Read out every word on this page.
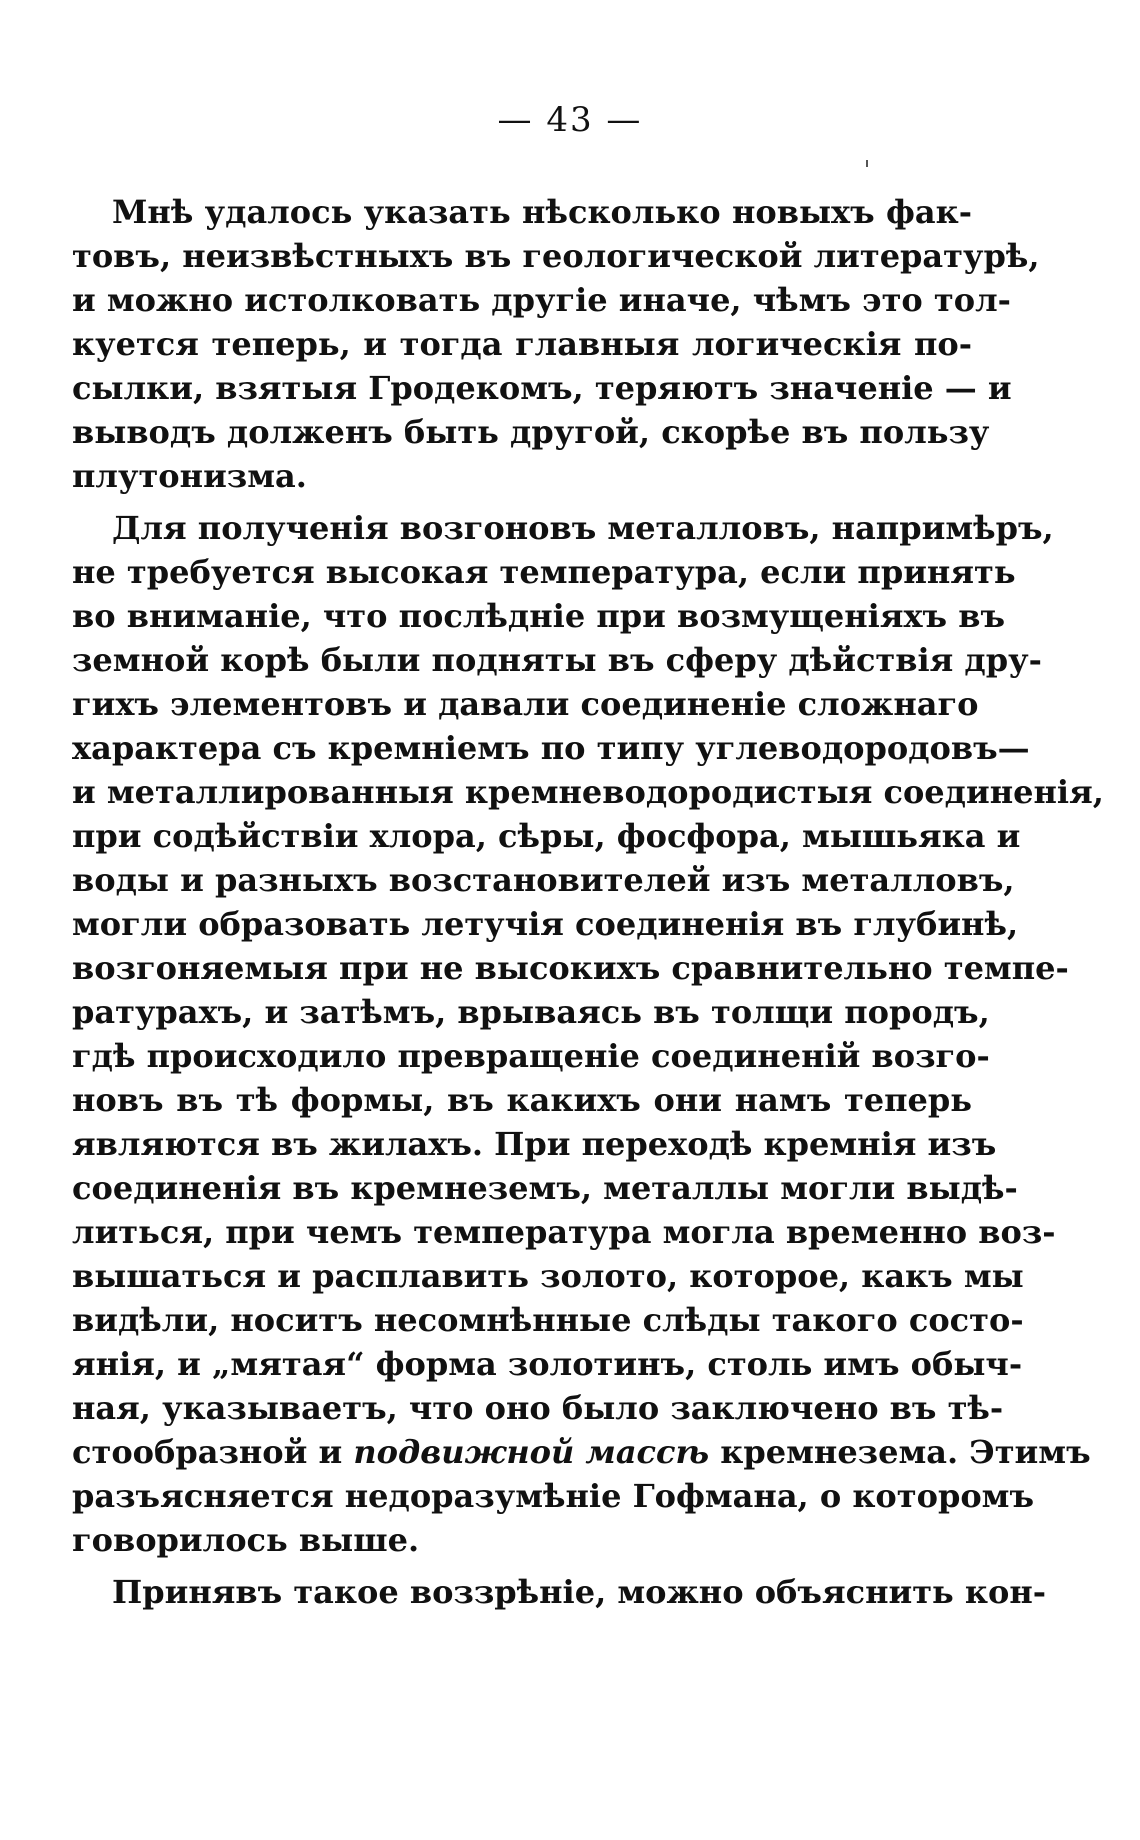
— 43 —
Мнѣ удалось указать нѣсколько новыхъ фак-
товъ, неизвѣстныхъ въ геологической литературѣ,
и можно истолковать другіе иначе, чѣмъ это тол-
куется теперь, и тогда главныя логическія по-
сылки, взятыя Гродекомъ, теряютъ значеніе — и
выводъ долженъ быть другой, скорѣе въ пользу
плутонизма.
Для полученія возгоновъ металловъ, напримѣръ,
не требуется высокая температура, если принять
во вниманіе, что послѣдніе при возмущеніяхъ въ
земной корѣ были подняты въ сферу дѣйствія дру-
гихъ элементовъ и давали соединеніе сложнаго
характера съ кремніемъ по типу углеводородовъ—
и металлированныя кремневодородистыя соединенія,
при содѣйствіи хлора, сѣры, фосфора, мышьяка и
воды и разныхъ возстановителей изъ металловъ,
могли образовать летучія соединенія въ глубинѣ,
возгоняемыя при не высокихъ сравнительно темпе-
ратурахъ, и затѣмъ, врываясь въ толщи породъ,
гдѣ происходило превращеніе соединеній возго-
новъ въ тѣ формы, въ какихъ они намъ теперь
являются въ жилахъ. При переходѣ кремнія изъ
соединенія въ кремнеземъ, металлы могли выдѣ-
литься, при чемъ температура могла временно воз-
вышаться и расплавить золото, которое, какъ мы
видѣли, носитъ несомнѣнные слѣды такого состо-
янія, и „мятая“ форма золотинъ, столь имъ обыч-
ная, указываетъ, что оно было заключено въ тѣ-
стообразной и подвижной массѣ кремнезема. Этимъ
разъясняется недоразумѣніе Гофмана, о которомъ
говорилось выше.
Принявъ такое воззрѣніе, можно объяснить кон-
